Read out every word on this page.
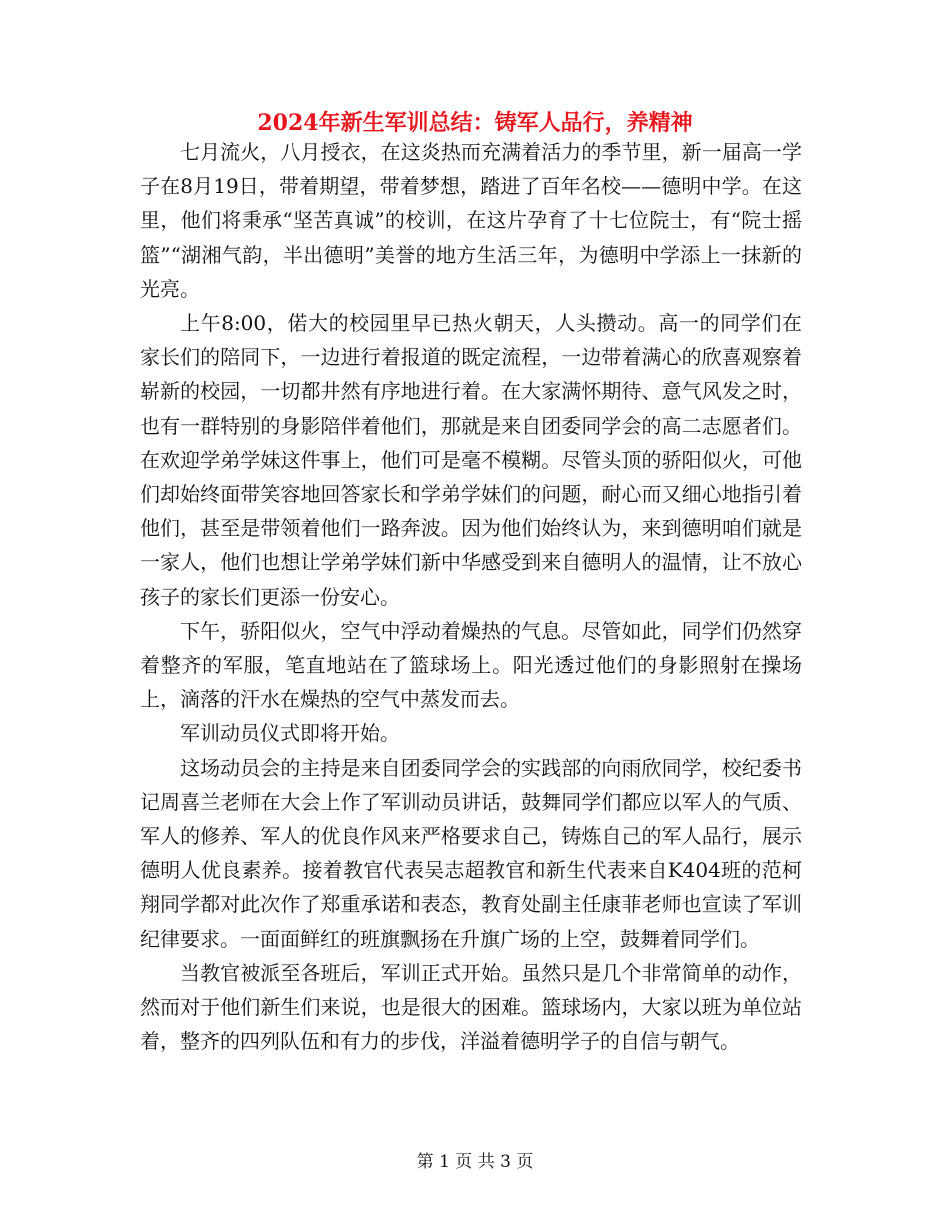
2024年新生军训总结：铸军人品行，养精神

七月流火，八月授衣，在这炎热而充满着活力的季节里，新一届高一学子在8月19日，带着期望，带着梦想，踏进了百年名校——德明中学。在这里，他们将秉承“坚苦真诚”的校训，在这片孕育了十七位院士，有“院士摇篮”“湖湘气韵，半出德明”美誉的地方生活三年，为德明中学添上一抹新的光亮。

上午8:00，偌大的校园里早已热火朝天，人头攒动。高一的同学们在家长们的陪同下，一边进行着报道的既定流程，一边带着满心的欣喜观察着崭新的校园，一切都井然有序地进行着。在大家满怀期待、意气风发之时，也有一群特别的身影陪伴着他们，那就是来自团委同学会的高二志愿者们。在欢迎学弟学妹这件事上，他们可是毫不模糊。尽管头顶的骄阳似火，可他们却始终面带笑容地回答家长和学弟学妹们的问题，耐心而又细心地指引着他们，甚至是带领着他们一路奔波。因为他们始终认为，来到德明咱们就是一家人，他们也想让学弟学妹们新中华感受到来自德明人的温情，让不放心孩子的家长们更添一份安心。

下午，骄阳似火，空气中浮动着燥热的气息。尽管如此，同学们仍然穿着整齐的军服，笔直地站在了篮球场上。阳光透过他们的身影照射在操场上，滴落的汗水在燥热的空气中蒸发而去。

军训动员仪式即将开始。

这场动员会的主持是来自团委同学会的实践部的向雨欣同学，校纪委书记周喜兰老师在大会上作了军训动员讲话，鼓舞同学们都应以军人的气质、军人的修养、军人的优良作风来严格要求自己，铸炼自己的军人品行，展示德明人优良素养。接着教官代表吴志超教官和新生代表来自K404班的范柯翔同学都对此次作了郑重承诺和表态，教育处副主任康菲老师也宣读了军训纪律要求。一面面鲜红的班旗飘扬在升旗广场的上空，鼓舞着同学们。

当教官被派至各班后，军训正式开始。虽然只是几个非常简单的动作，然而对于他们新生们来说，也是很大的困难。篮球场内，大家以班为单位站着，整齐的四列队伍和有力的步伐，洋溢着德明学子的自信与朝气。

第 1 页 共 3 页
